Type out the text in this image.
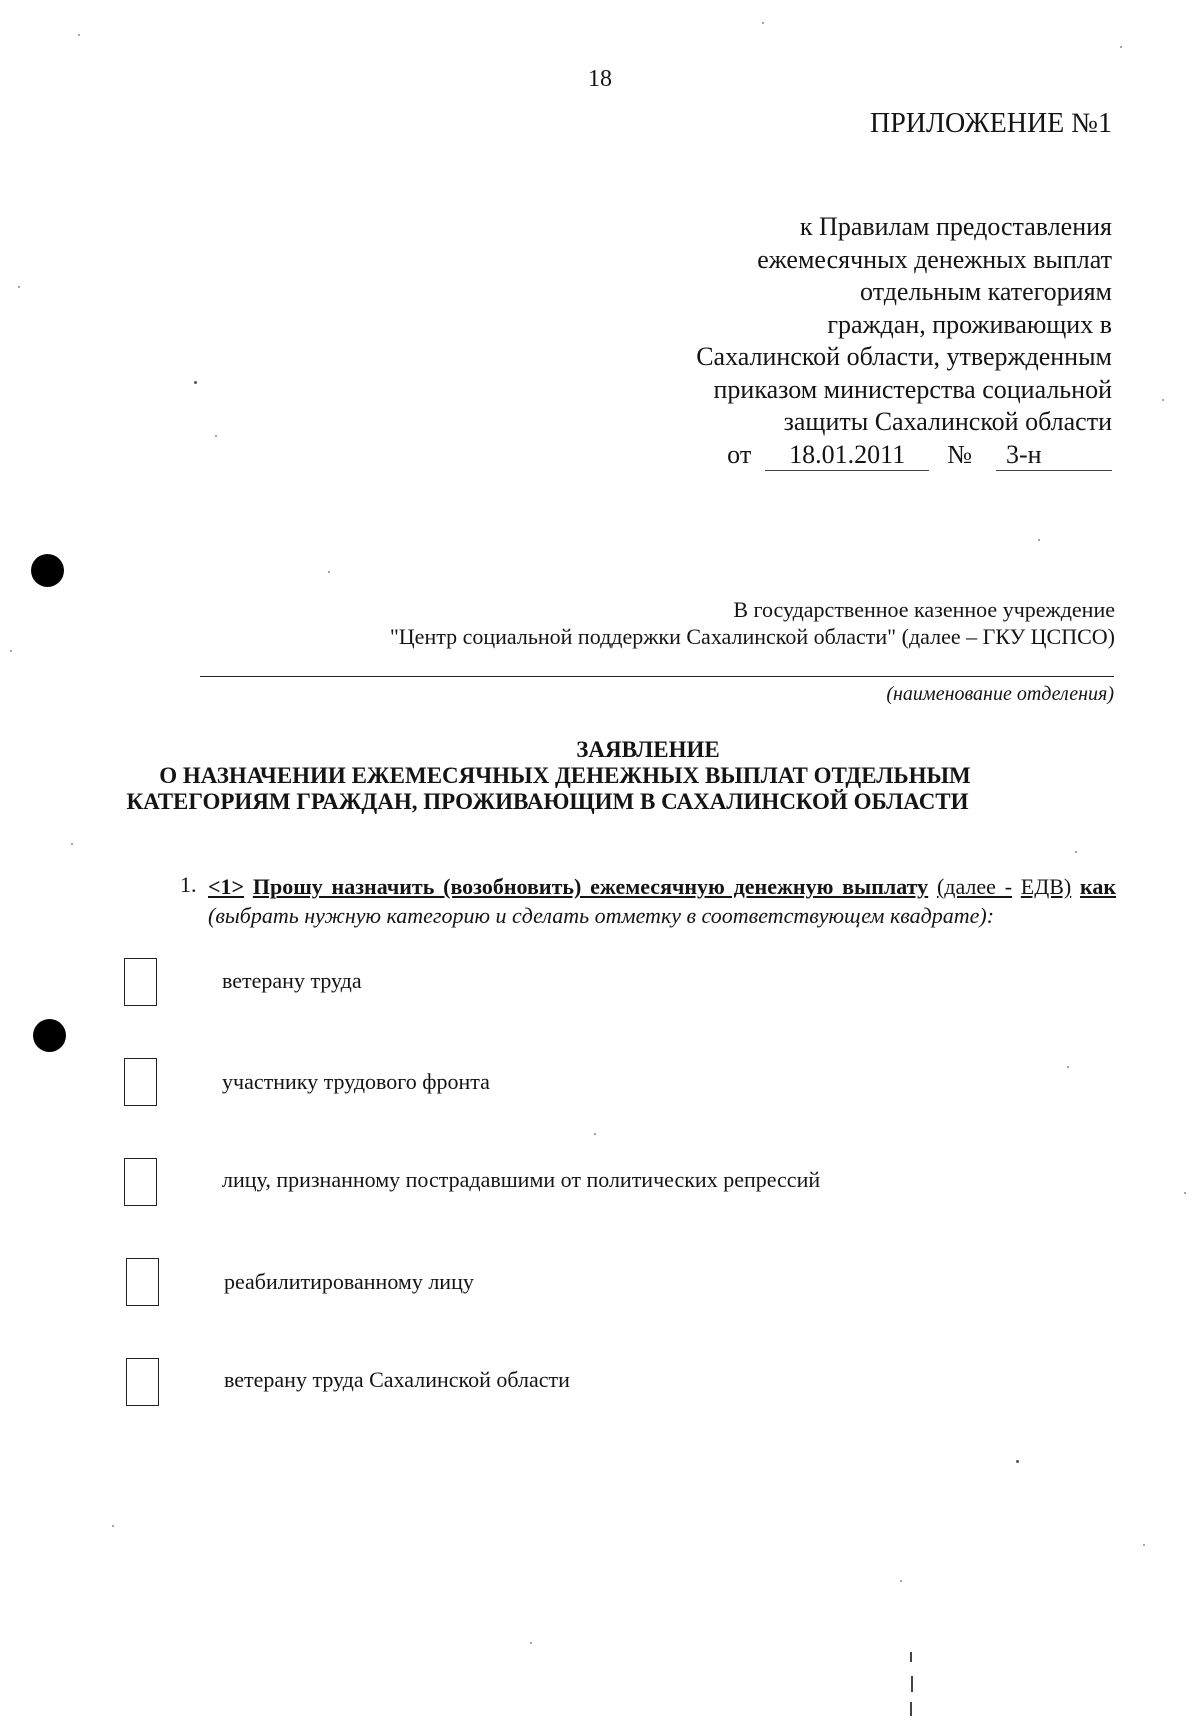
18
ПРИЛОЖЕНИЕ №1
к Правилам предоставления
ежемесячных денежных выплат
отдельным категориям
граждан, проживающих в
Сахалинской области, утвержденным
приказом министерства социальной
защиты Сахалинской области
от	18.01.2011	№	3-н
В государственное казенное учреждение
"Центр социальной поддержки Сахалинской области" (далее – ГКУ ЦСПСО)
(наименование отделения)
ЗАЯВЛЕНИЕ
О НАЗНАЧЕНИИ ЕЖЕМЕСЯЧНЫХ ДЕНЕЖНЫХ ВЫПЛАТ ОТДЕЛЬНЫМ
КАТЕГОРИЯМ ГРАЖДАН, ПРОЖИВАЮЩИМ В САХАЛИНСКОЙ ОБЛАСТИ
1. <1> Прошу назначить (возобновить) ежемесячную денежную выплату (далее - ЕДВ) как (выбрать нужную категорию и сделать отметку в соответствующем квадрате):
ветерану труда
участнику трудового фронта
лицу, признанному пострадавшими от политических репрессий
реабилитированному лицу
ветерану труда Сахалинской области
